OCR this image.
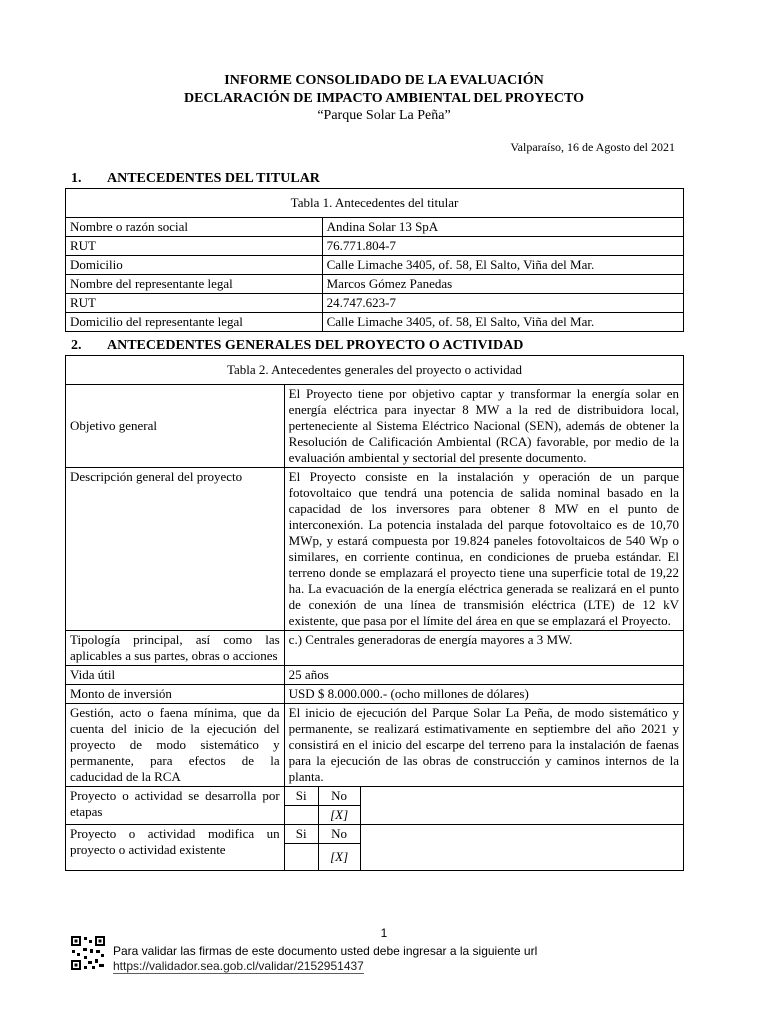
INFORME CONSOLIDADO DE LA EVALUACIÓN
DECLARACIÓN DE IMPACTO AMBIENTAL DEL PROYECTO
“Parque Solar La Peña”
Valparaíso, 16 de Agosto del 2021
1. ANTECEDENTES DEL TITULAR
Tabla 1. Antecedentes del titular	
Nombre o razón social	Andina Solar 13 SpA
RUT	76.771.804-7
Domicilio	Calle Limache 3405, of. 58, El Salto, Viña del Mar.
Nombre del representante legal	Marcos Gómez Panedas
RUT	24.747.623-7
Domicilio del representante legal	Calle Limache 3405, of. 58, El Salto, Viña del Mar.
2. ANTECEDENTES GENERALES DEL PROYECTO O ACTIVIDAD
Tabla 2. Antecedentes generales del proyecto o actividad			
Objetivo general	El Proyecto tiene por objetivo captar y transformar la energía solar en energía eléctrica para inyectar 8 MW a la red de distribuidora local, perteneciente al Sistema Eléctrico Nacional (SEN), además de obtener la Resolución de Calificación Ambiental (RCA) favorable, por medio de la evaluación ambiental y sectorial del presente documento.		
Descripción general del proyecto	El Proyecto consiste en la instalación y operación de un parque fotovoltaico que tendrá una potencia de salida nominal basado en la capacidad de los inversores para obtener 8 MW en el punto de interconexión. La potencia instalada del parque fotovoltaico es de 10,70 MWp, y estará compuesta por 19.824 paneles fotovoltaicos de 540 Wp o similares, en corriente continua, en condiciones de prueba estándar. El terreno donde se emplazará el proyecto tiene una superficie total de 19,22 ha. La evacuación de la energía eléctrica generada se realizará en el punto de conexión de una línea de transmisión eléctrica (LTE) de 12 kV existente, que pasa por el límite del área en que se emplazará el Proyecto.		
Tipología principal, así como las aplicables a sus partes, obras o acciones	c.) Centrales generadoras de energía mayores a 3 MW.		
Vida útil	25 años		
Monto de inversión	USD $ 8.000.000.- (ocho millones de dólares)		
Gestión, acto o faena mínima, que da cuenta del inicio de la ejecución del proyecto de modo sistemático y permanente, para efectos de la caducidad de la RCA	El inicio de ejecución del Parque Solar La Peña, de modo sistemático y permanente, se realizará estimativamente en septiembre del año 2021 y consistirá en el inicio del escarpe del terreno para la instalación de faenas para la ejecución de las obras de construcción y caminos internos de la planta.		
Proyecto o actividad se desarrolla por etapas	Si	No	
		[X]	
Proyecto o actividad modifica un proyecto o actividad existente	Si	No	
		[X]	
1
Para validar las firmas de este documento usted debe ingresar a la siguiente url
https://validador.sea.gob.cl/validar/2152951437
